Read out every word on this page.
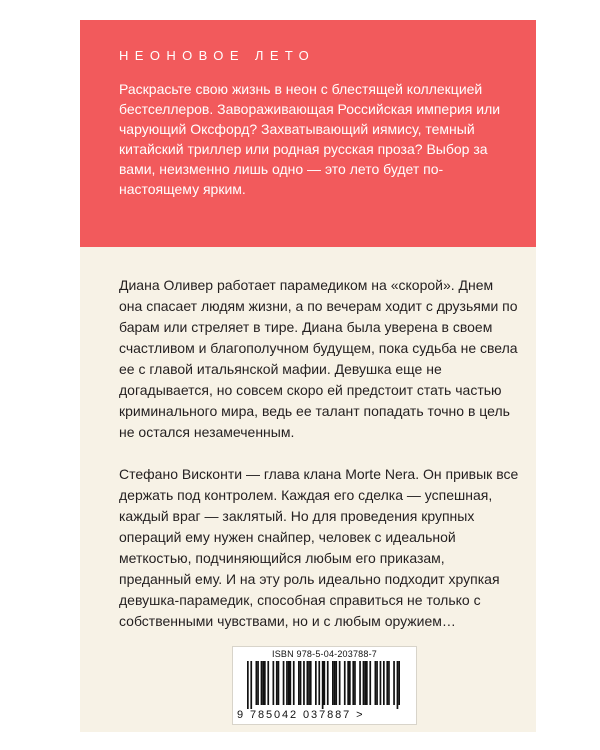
НЕОНОВОЕ ЛЕТО
Раскрасьте свою жизнь в неон с блестящей коллекцией бестселлеров. Завораживающая Российская империя или чарующий Оксфорд? Захватывающий иямису, темный китайский триллер или родная русская проза? Выбор за вами, неизменно лишь одно — это лето будет по-настоящему ярким.

Диана Оливер работает парамедиком на «скорой». Днем она спасает людям жизни, а по вечерам ходит с друзьями по барам или стреляет в тире. Диана была уверена в своем счастливом и благополучном будущем, пока судьба не свела ее с главой итальянской мафии. Девушка еще не догадывается, но совсем скоро ей предстоит стать частью криминального мира, ведь ее талант попадать точно в цель не остался незамеченным.

Стефано Висконти — глава клана Morte Nera. Он привык все держать под контролем. Каждая его сделка — успешная, каждый враг — заклятый. Но для проведения крупных операций ему нужен снайпер, человек с идеальной меткостью, подчиняющийся любым его приказам, преданный ему. И на эту роль идеально подходит хрупкая девушка-парамедик, способная справиться не только с собственными чувствами, но и с любым оружием…

ISBN 978-5-04-203788-7
9 785042 037887 >
